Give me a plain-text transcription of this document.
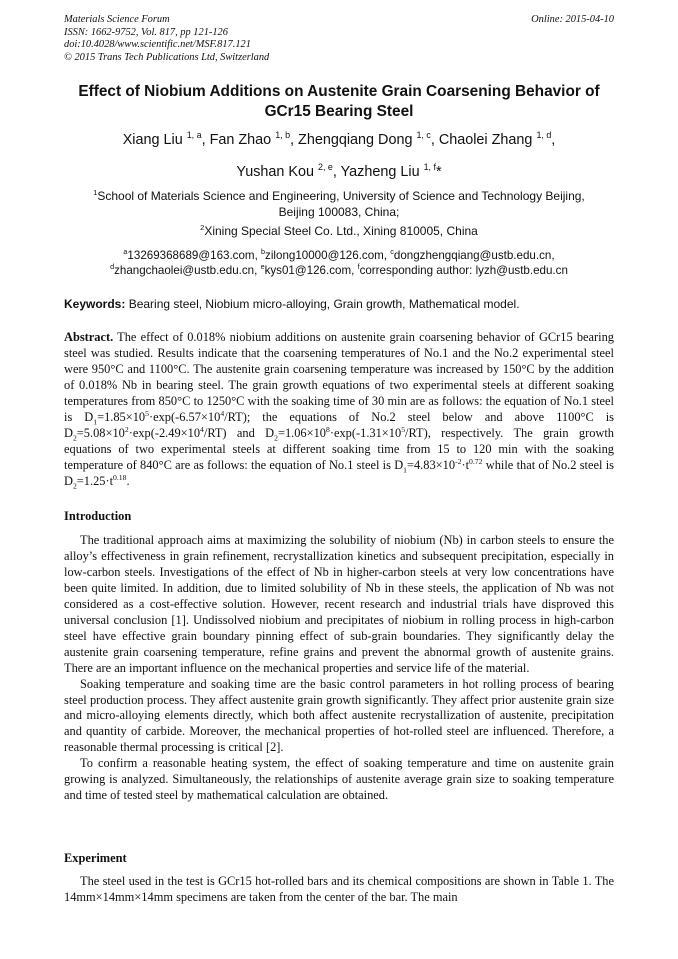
Materials Science Forum
ISSN: 1662-9752, Vol. 817, pp 121-126
doi:10.4028/www.scientific.net/MSF.817.121
© 2015 Trans Tech Publications Ltd, Switzerland
Online: 2015-04-10
Effect of Niobium Additions on Austenite Grain Coarsening Behavior of
GCr15 Bearing Steel
Xiang Liu $^{1, a}$, Fan Zhao $^{1, b}$, Zhengqiang Dong $^{1, c}$, Chaolei Zhang $^{1, d}$,
Yushan Kou $^{2, e}$, Yazheng Liu $^{1, f}$*
$^1$School of Materials Science and Engineering, University of Science and Technology Beijing,
Beijing 100083, China;
$^2$Xining Special Steel Co. Ltd., Xining 810005, China
$^a$13269368689@163.com, $^b$zilong10000@126.com, $^c$dongzhengqiang@ustb.edu.cn,
$^d$zhangchaolei@ustb.edu.cn, $^e$kys01@126.com, $^f$corresponding author: lyzh@ustb.edu.cn
Keywords: Bearing steel, Niobium micro-alloying, Grain growth, Mathematical model.

Abstract. The effect of 0.018% niobium additions on austenite grain coarsening behavior of GCr15 bearing steel was studied. Results indicate that the coarsening temperatures of No.1 and the No.2 experimental steel were 950°C and 1100°C. The austenite grain coarsening temperature was increased by 150°C by the addition of 0.018% Nb in bearing steel. The grain growth equations of two experimental steels at different soaking temperatures from 850°C to 1250°C with the soaking time of 30 min are as follows: the equation of No.1 steel is $D_1=1.85\times 10^5\cdot\exp(-6.57\times 10^4/RT)$; the equations of No.2 steel below and above 1100°C is $D_2=5.08\times 10^2\cdot\exp(-2.49\times 10^4/RT)$ and $D_2=1.06\times 10^8\cdot\exp(-1.31\times 10^5/RT)$, respectively. The grain growth equations of two experimental steels at different soaking time from 15 to 120 min with the soaking temperature of 840°C are as follows: the equation of No.1 steel is $D_1=4.83\times 10^{-2}\cdot t^{0.72}$ while that of No.2 steel is $D_2=1.25\cdot t^{0.18}$.

Introduction

The traditional approach aims at maximizing the solubility of niobium (Nb) in carbon steels to ensure the alloy’s effectiveness in grain refinement, recrystallization kinetics and subsequent precipitation, especially in low-carbon steels. Investigations of the effect of Nb in higher-carbon steels at very low concentrations have been quite limited. In addition, due to limited solubility of Nb in these steels, the application of Nb was not considered as a cost-effective solution. However, recent research and industrial trials have disproved this universal conclusion [1]. Undissolved niobium and precipitates of niobium in rolling process in high-carbon steel have effective grain boundary pinning effect of sub-grain boundaries. They significantly delay the austenite grain coarsening temperature, refine grains and prevent the abnormal growth of austenite grains. There are an important influence on the mechanical properties and service life of the material.

Soaking temperature and soaking time are the basic control parameters in hot rolling process of bearing steel production process. They affect austenite grain growth significantly. They affect prior austenite grain size and micro-alloying elements directly, which both affect austenite recrystallization of austenite, precipitation and quantity of carbide. Moreover, the mechanical properties of hot-rolled steel are influenced. Therefore, a reasonable thermal processing is critical [2].

To confirm a reasonable heating system, the effect of soaking temperature and time on austenite grain growing is analyzed. Simultaneously, the relationships of austenite average grain size to soaking temperature and time of tested steel by mathematical calculation are obtained.

Experiment

The steel used in the test is GCr15 hot-rolled bars and its chemical compositions are shown in Table 1. The 14mm×14mm×14mm specimens are taken from the center of the bar. The main
